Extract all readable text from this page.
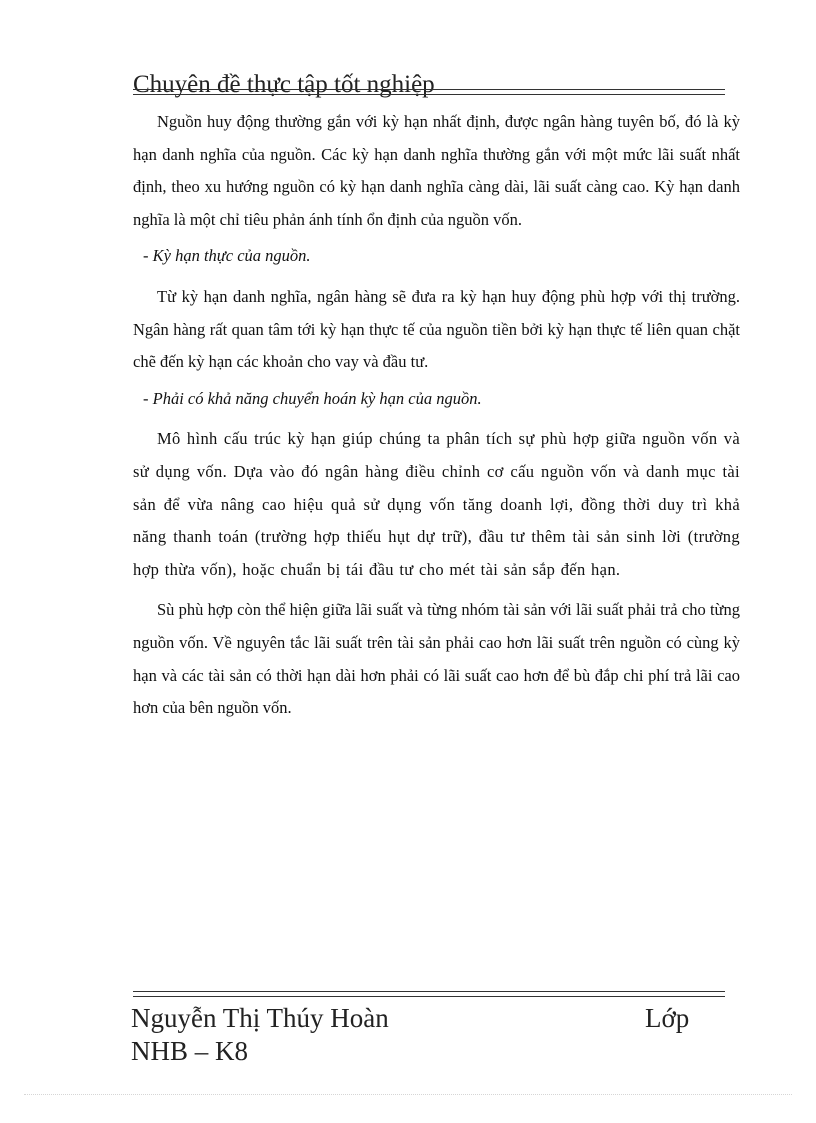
Chuyên đề thực tập tốt nghiệp

Nguồn huy động thường gắn với kỳ hạn nhất định, được ngân hàng tuyên bố, đó là kỳ hạn danh nghĩa của nguồn. Các kỳ hạn danh nghĩa thường gắn với một mức lãi suất nhất định, theo xu hướng nguồn có kỳ hạn danh nghĩa càng dài, lãi suất càng cao. Kỳ hạn danh nghĩa là một chỉ tiêu phản ánh tính ổn định của nguồn vốn.

- Kỳ hạn thực của nguồn.

Từ kỳ hạn danh nghĩa, ngân hàng sẽ đưa ra kỳ hạn huy động phù hợp với thị trường. Ngân hàng rất quan tâm tới kỳ hạn thực tế của nguồn tiền bởi kỳ hạn thực tế liên quan chặt chẽ đến kỳ hạn các khoản cho vay và đầu tư.

- Phải có khả năng chuyển hoán kỳ hạn của nguồn.

Mô hình cấu trúc kỳ hạn giúp chúng ta phân tích sự phù hợp giữa nguồn vốn và sử dụng vốn. Dựa vào đó ngân hàng điều chỉnh cơ cấu nguồn vốn và danh mục tài sản để vừa nâng cao hiệu quả sử dụng vốn tăng doanh lợi, đồng thời duy trì khả năng thanh toán (trường hợp thiếu hụt dự trữ), đầu tư thêm tài sản sinh lời (trường hợp thừa vốn), hoặc chuẩn bị tái đầu tư cho mét tài sản sắp đến hạn.

Sù phù hợp còn thể hiện giữa lãi suất và từng nhóm tài sản với lãi suất phải trả cho từng nguồn vốn. Về nguyên tắc lãi suất trên tài sản phải cao hơn lãi suất trên nguồn có cùng kỳ hạn và các tài sản có thời hạn dài hơn phải có lãi suất cao hơn để bù đắp chi phí trả lãi cao hơn của bên nguồn vốn.

Nguyễn Thị Thúy Hoàn	Lớp
NHB – K8
